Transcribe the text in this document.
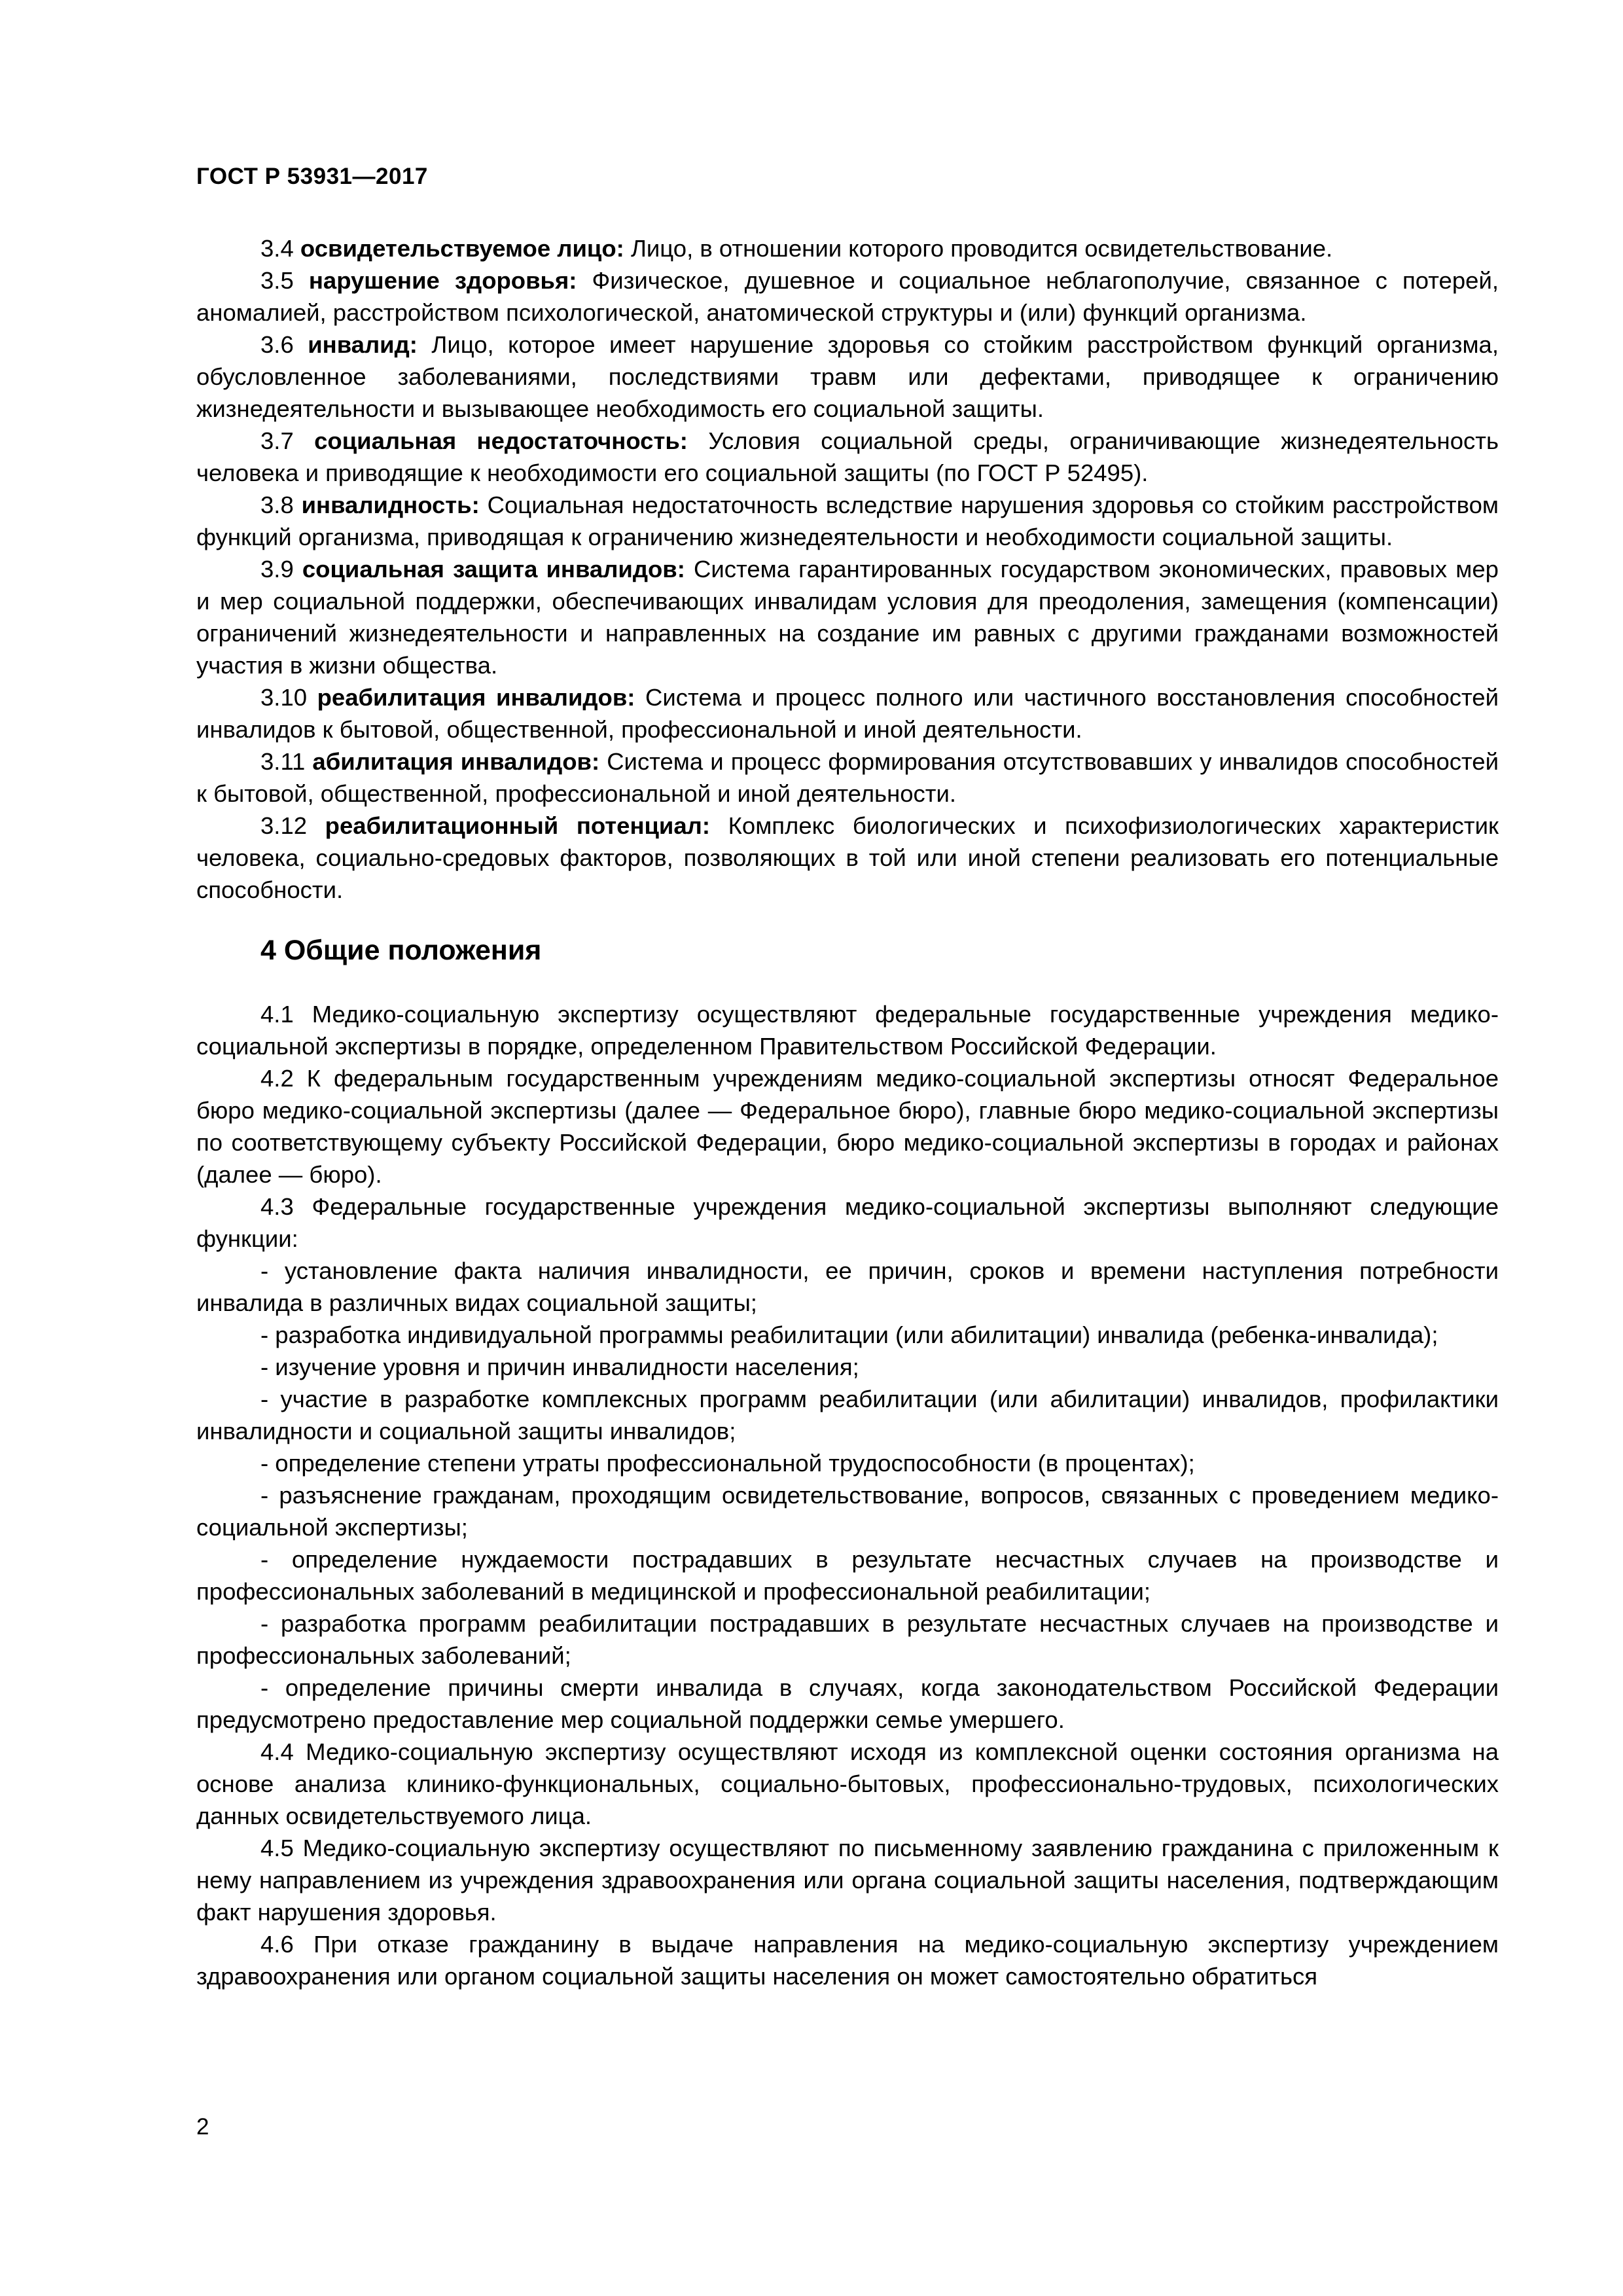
ГОСТ Р 53931—2017

3.4 освидетельствуемое лицо: Лицо, в отношении которого проводится освидетельствование.

3.5 нарушение здоровья: Физическое, душевное и социальное неблагополучие, связанное с потерей, аномалией, расстройством психологической, анатомической структуры и (или) функций организма.

3.6 инвалид: Лицо, которое имеет нарушение здоровья со стойким расстройством функций организма, обусловленное заболеваниями, последствиями травм или дефектами, приводящее к ограничению жизнедеятельности и вызывающее необходимость его социальной защиты.

3.7 социальная недостаточность: Условия социальной среды, ограничивающие жизнедеятельность человека и приводящие к необходимости его социальной защиты (по ГОСТ Р 52495).

3.8 инвалидность: Социальная недостаточность вследствие нарушения здоровья со стойким расстройством функций организма, приводящая к ограничению жизнедеятельности и необходимости социальной защиты.

3.9 социальная защита инвалидов: Система гарантированных государством экономических, правовых мер и мер социальной поддержки, обеспечивающих инвалидам условия для преодоления, замещения (компенсации) ограничений жизнедеятельности и направленных на создание им равных с другими гражданами возможностей участия в жизни общества.

3.10 реабилитация инвалидов: Система и процесс полного или частичного восстановления способностей инвалидов к бытовой, общественной, профессиональной и иной деятельности.

3.11 абилитация инвалидов: Система и процесс формирования отсутствовавших у инвалидов способностей к бытовой, общественной, профессиональной и иной деятельности.

3.12 реабилитационный потенциал: Комплекс биологических и психофизиологических характеристик человека, социально-средовых факторов, позволяющих в той или иной степени реализовать его потенциальные способности.

4 Общие положения

4.1 Медико-социальную экспертизу осуществляют федеральные государственные учреждения медико-социальной экспертизы в порядке, определенном Правительством Российской Федерации.

4.2 К федеральным государственным учреждениям медико-социальной экспертизы относят Федеральное бюро медико-социальной экспертизы (далее — Федеральное бюро), главные бюро медико-социальной экспертизы по соответствующему субъекту Российской Федерации, бюро медико-социальной экспертизы в городах и районах (далее — бюро).

4.3 Федеральные государственные учреждения медико-социальной экспертизы выполняют следующие функции:

- установление факта наличия инвалидности, ее причин, сроков и времени наступления потребности инвалида в различных видах социальной защиты;

- разработка индивидуальной программы реабилитации (или абилитации) инвалида (ребенка-инвалида);

- изучение уровня и причин инвалидности населения;

- участие в разработке комплексных программ реабилитации (или абилитации) инвалидов, профилактики инвалидности и социальной защиты инвалидов;

- определение степени утраты профессиональной трудоспособности (в процентах);

- разъяснение гражданам, проходящим освидетельствование, вопросов, связанных с проведением медико-социальной экспертизы;

- определение нуждаемости пострадавших в результате несчастных случаев на производстве и профессиональных заболеваний в медицинской и профессиональной реабилитации;

- разработка программ реабилитации пострадавших в результате несчастных случаев на производстве и профессиональных заболеваний;

- определение причины смерти инвалида в случаях, когда законодательством Российской Федерации предусмотрено предоставление мер социальной поддержки семье умершего.

4.4 Медико-социальную экспертизу осуществляют исходя из комплексной оценки состояния организма на основе анализа клинико-функциональных, социально-бытовых, профессионально-трудовых, психологических данных освидетельствуемого лица.

4.5 Медико-социальную экспертизу осуществляют по письменному заявлению гражданина с приложенным к нему направлением из учреждения здравоохранения или органа социальной защиты населения, подтверждающим факт нарушения здоровья.

4.6 При отказе гражданину в выдаче направления на медико-социальную экспертизу учреждением здравоохранения или органом социальной защиты населения он может самостоятельно обратиться

2
